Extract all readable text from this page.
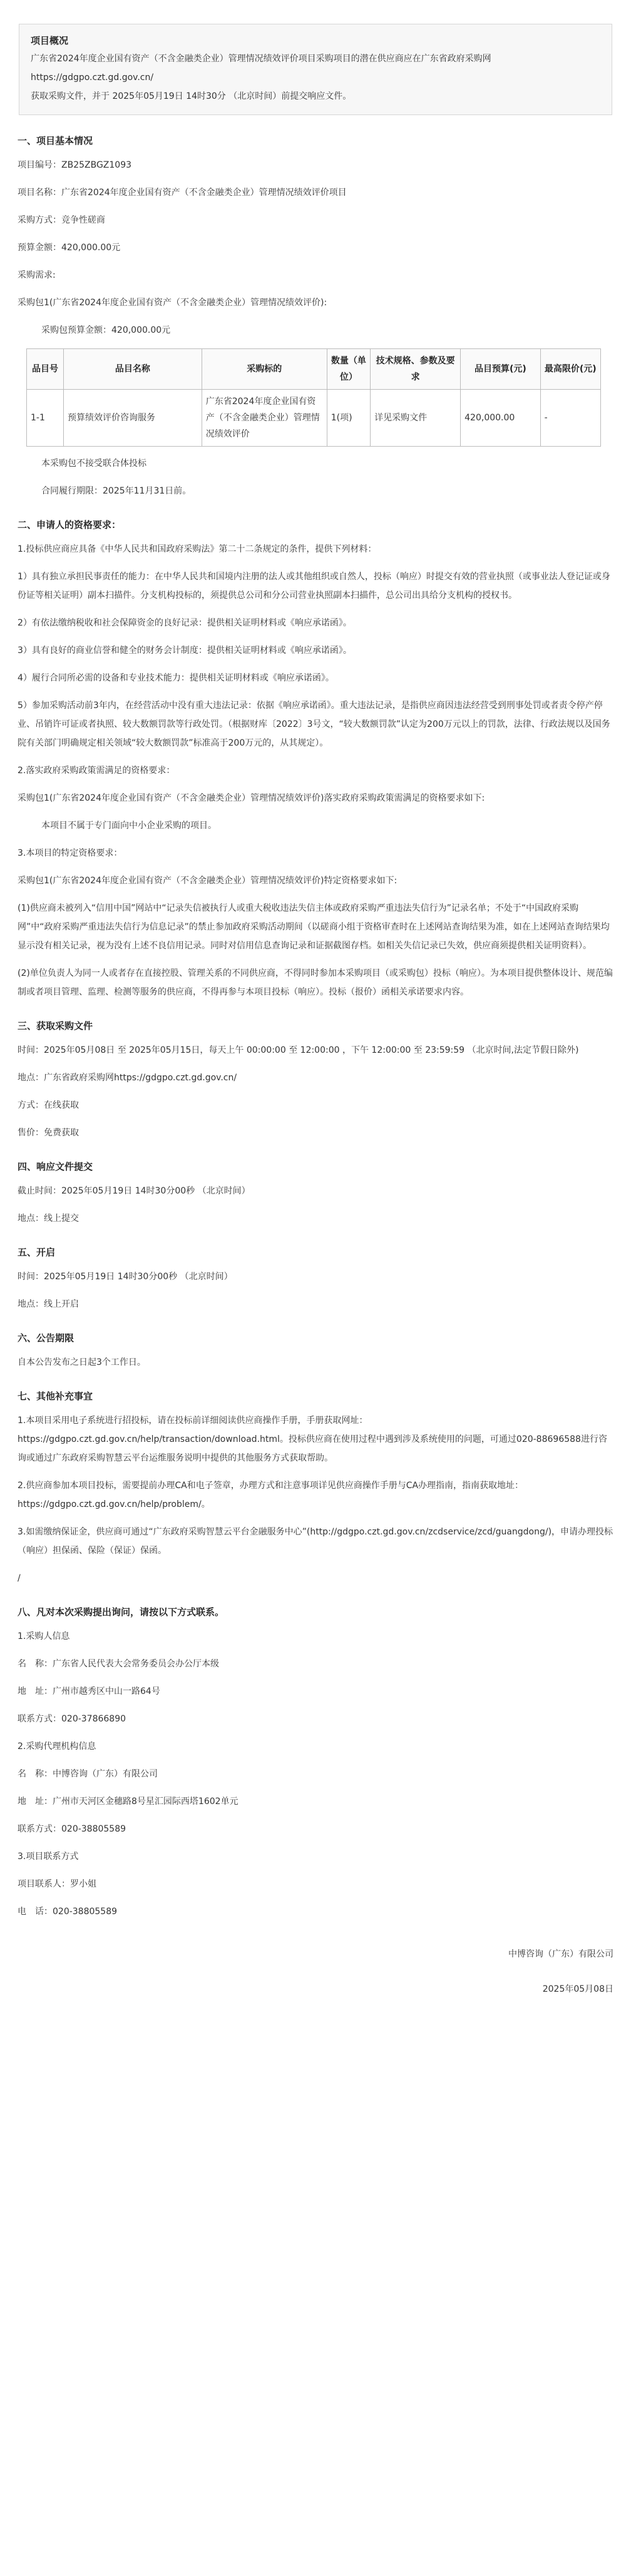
项目概况

广东省2024年度企业国有资产（不含金融类企业）管理情况绩效评价项目采购项目的潜在供应商应在广东省政府采购网https://gdgpo.czt.gd.gov.cn/

获取采购文件，并于 2025年05月19日 14时30分 （北京时间）前提交响应文件。

一、项目基本情况

项目编号：ZB25ZBGZ1093

项目名称：广东省2024年度企业国有资产（不含金融类企业）管理情况绩效评价项目

采购方式：竞争性磋商

预算金额：420,000.00元

采购需求:

采购包1(广东省2024年度企业国有资产（不含金融类企业）管理情况绩效评价):

采购包预算金额：420,000.00元

品目号	品目名称	采购标的	数量（单位）	技术规格、参数及要求	品目预算(元)	最高限价(元)
1-1	预算绩效评价咨询服务	广东省2024年度企业国有资产（不含金融类企业）管理情况绩效评价	1(项)	详见采购文件	420,000.00	-

本采购包不接受联合体投标

合同履行期限：2025年11月31日前。

二、申请人的资格要求：

1.投标供应商应具备《中华人民共和国政府采购法》第二十二条规定的条件，提供下列材料：

1）具有独立承担民事责任的能力：在中华人民共和国境内注册的法人或其他组织或自然人，投标（响应）时提交有效的营业执照（或事业法人登记证或身份证等相关证明）副本扫描件。分支机构投标的，须提供总公司和分公司营业执照副本扫描件，总公司出具给分支机构的授权书。

2）有依法缴纳税收和社会保障资金的良好记录：提供相关证明材料或《响应承诺函》。

3）具有良好的商业信誉和健全的财务会计制度：提供相关证明材料或《响应承诺函》。

4）履行合同所必需的设备和专业技术能力：提供相关证明材料或《响应承诺函》。

5）参加采购活动前3年内，在经营活动中没有重大违法记录：依据《响应承诺函》。重大违法记录，是指供应商因违法经营受到刑事处罚或者责令停产停业、吊销许可证或者执照、较大数额罚款等行政处罚。（根据财库〔2022〕3号文，“较大数额罚款”认定为200万元以上的罚款，法律、行政法规以及国务院有关部门明确规定相关领域“较大数额罚款”标准高于200万元的，从其规定）。

2.落实政府采购政策需满足的资格要求：

采购包1(广东省2024年度企业国有资产（不含金融类企业）管理情况绩效评价)落实政府采购政策需满足的资格要求如下:

本项目不属于专门面向中小企业采购的项目。

3.本项目的特定资格要求：

采购包1(广东省2024年度企业国有资产（不含金融类企业）管理情况绩效评价)特定资格要求如下:

(1)供应商未被列入“信用中国”网站中“记录失信被执行人或重大税收违法失信主体或政府采购严重违法失信行为”记录名单；不处于“中国政府采购网”中“政府采购严重违法失信行为信息记录”的禁止参加政府采购活动期间（以磋商小组于资格审查时在上述网站查询结果为准，如在上述网站查询结果均显示没有相关记录，视为没有上述不良信用记录。同时对信用信息查询记录和证据截图存档。如相关失信记录已失效，供应商须提供相关证明资料）。

(2)单位负责人为同一人或者存在直接控股、管理关系的不同供应商，不得同时参加本采购项目（或采购包）投标（响应）。为本项目提供整体设计、规范编制或者项目管理、监理、检测等服务的供应商，不得再参与本项目投标（响应）。投标（报价）函相关承诺要求内容。

三、获取采购文件

时间：2025年05月08日 至 2025年05月15日，每天上午 00:00:00 至 12:00:00 ，下午 12:00:00 至 23:59:59 （北京时间,法定节假日除外)

地点：广东省政府采购网https://gdgpo.czt.gd.gov.cn/

方式：在线获取

售价：免费获取

四、响应文件提交

截止时间：2025年05月19日 14时30分00秒 （北京时间）

地点：线上提交

五、开启

时间：2025年05月19日 14时30分00秒 （北京时间）

地点：线上开启

六、公告期限

自本公告发布之日起3个工作日。

七、其他补充事宜

1.本项目采用电子系统进行招投标，请在投标前详细阅读供应商操作手册，手册获取网址：https://gdgpo.czt.gd.gov.cn/help/transaction/download.html。投标供应商在使用过程中遇到涉及系统使用的问题，可通过020-88696588进行咨询或通过广东政府采购智慧云平台运维服务说明中提供的其他服务方式获取帮助。

2.供应商参加本项目投标，需要提前办理CA和电子签章，办理方式和注意事项详见供应商操作手册与CA办理指南，指南获取地址：https://gdgpo.czt.gd.gov.cn/help/problem/。

3.如需缴纳保证金，供应商可通过“广东政府采购智慧云平台金融服务中心”(http://gdgpo.czt.gd.gov.cn/zcdservice/zcd/guangdong/)，申请办理投标（响应）担保函、保险（保证）保函。

/

八、凡对本次采购提出询问，请按以下方式联系。

1.采购人信息

名　称：广东省人民代表大会常务委员会办公厅本级

地　址：广州市越秀区中山一路64号

联系方式：020-37866890

2.采购代理机构信息

名　称：中博咨询（广东）有限公司

地　址：广州市天河区金穗路8号星汇园际西塔1602单元

联系方式：020-38805589

3.项目联系方式

项目联系人：罗小姐

电　话：020-38805589

中博咨询（广东）有限公司

2025年05月08日
